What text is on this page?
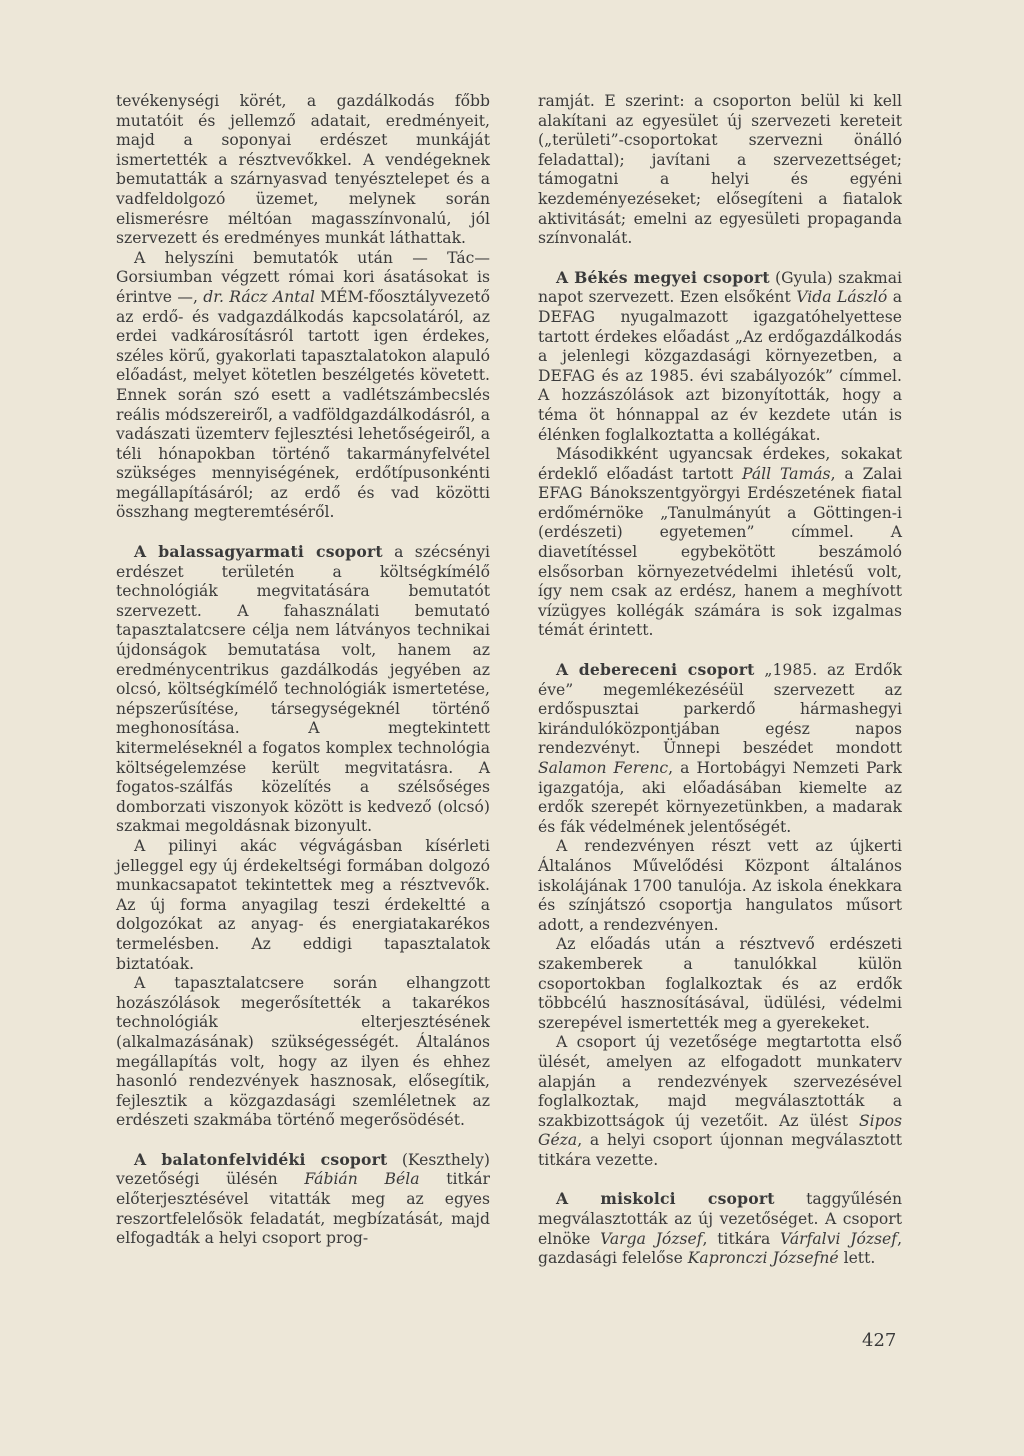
tevékenységi körét, a gazdálkodás főbb mutatóit és jellemző adatait, eredményeit, majd a soponyai erdészet munkáját ismertették a résztvevőkkel. A vendégeknek bemutatták a szárnyasvad tenyésztelepet és a vadfeldolgozó üzemet, melynek során elismerésre méltóan magasszínvonalú, jól szervezett és eredményes munkát láthattak.

A helyszíni bemutatók után — Tác—Gorsiumban végzett római kori ásatásokat is érintve —, dr. Rácz Antal MÉM-főosztályvezető az erdő- és vadgazdálkodás kapcsolatáról, az erdei vadkárosításról tartott igen érdekes, széles körű, gyakorlati tapasztalatokon alapuló előadást, melyet kötetlen beszélgetés követett. Ennek során szó esett a vadlétszámbecslés reális módszereiről, a vadföldgazdálkodásról, a vadászati üzemterv fejlesztési lehetőségeiről, a téli hónapokban történő takarmányfelvétel szükséges mennyiségének, erdőtípusonkénti megállapításáról; az erdő és vad közötti összhang megteremtéséről.

A balassagyarmati csoport a szécsényi erdészet területén a költségkímélő technológiák megvitatására bemutatót szervezett. A fahasználati bemutató tapasztalatcsere célja nem látványos technikai újdonságok bemutatása volt, hanem az eredménycentrikus gazdálkodás jegyében az olcsó, költségkímélő technológiák ismertetése, népszerűsítése, társegységeknél történő meghonosítása. A megtekintett kitermeléseknél a fogatos komplex technológia költségelemzése került megvitatásra. A fogatos-szálfás közelítés a szélsőséges domborzati viszonyok között is kedvező (olcsó) szakmai megoldásnak bizonyult.

A pilinyi akác végvágásban kísérleti jelleggel egy új érdekeltségi formában dolgozó munkacsapatot tekintettek meg a résztvevők. Az új forma anyagilag teszi érdekeltté a dolgozókat az anyag- és energiatakarékos termelésben. Az eddigi tapasztalatok biztatóak.

A tapasztalatcsere során elhangzott hozászólások megerősítették a takarékos technológiák elterjesztésének (alkalmazásának) szükségességét. Általános megállapítás volt, hogy az ilyen és ehhez hasonló rendezvények hasznosak, elősegítik, fejlesztik a közgazdasági szemléletnek az erdészeti szakmába történő megerősödését.

A balatonfelvidéki csoport (Keszthely) vezetőségi ülésén Fábián Béla titkár előterjesztésével vitatták meg az egyes reszortfelelősök feladatát, megbízatását, majd elfogadták a helyi csoport prog-

ramját. E szerint: a csoporton belül ki kell alakítani az egyesület új szervezeti kereteit („területi”-csoportokat szervezni önálló feladattal); javítani a szervezettséget; támogatni a helyi és egyéni kezdeményezéseket; elősegíteni a fiatalok aktivitását; emelni az egyesületi propaganda színvonalát.

A Békés megyei csoport (Gyula) szakmai napot szervezett. Ezen elsőként Vida László a DEFAG nyugalmazott igazgatóhelyettese tartott érdekes előadást „Az erdőgazdálkodás a jelenlegi közgazdasági környezetben, a DEFAG és az 1985. évi szabályozók” címmel. A hozzászólások azt bizonyították, hogy a téma öt hónnappal az év kezdete után is élénken foglalkoztatta a kollégákat.

Másodikként ugyancsak érdekes, sokakat érdeklő előadást tartott Páll Tamás, a Zalai EFAG Bánokszentgyörgyi Erdészetének fiatal erdőmérnöke „Tanulmányút a Göttingen-i (erdészeti) egyetemen” címmel. A diavetítéssel egybekötött beszámoló elsősorban környezetvédelmi ihletésű volt, így nem csak az erdész, hanem a meghívott vízügyes kollégák számára is sok izgalmas témát érintett.

A debereceni csoport „1985. az Erdők éve” megemlékezéséül szervezett az erdőspusztai parkerdő hármashegyi kirándulóközpontjában egész napos rendezvényt. Ünnepi beszédet mondott Salamon Ferenc, a Hortobágyi Nemzeti Park igazgatója, aki előadásában kiemelte az erdők szerepét környezetünkben, a madarak és fák védelmének jelentőségét.

A rendezvényen részt vett az újkerti Általános Művelődési Központ általános iskolájának 1700 tanulója. Az iskola énekkara és színjátszó csoportja hangulatos műsort adott, a rendezvényen.

Az előadás után a résztvevő erdészeti szakemberek a tanulókkal külön csoportokban foglalkoztak és az erdők többcélú hasznosításával, üdülési, védelmi szerepével ismertették meg a gyerekeket.

A csoport új vezetősége megtartotta első ülését, amelyen az elfogadott munkaterv alapján a rendezvények szervezésével foglalkoztak, majd megválasztották a szakbizottságok új vezetőit. Az ülést Sipos Géza, a helyi csoport újonnan megválasztott titkára vezette.

A miskolci csoport taggyűlésén megválasztották az új vezetőséget. A csoport elnöke Varga József, titkára Várfalvi József, gazdasági felelőse Kapronczi Józsefné lett.

427
